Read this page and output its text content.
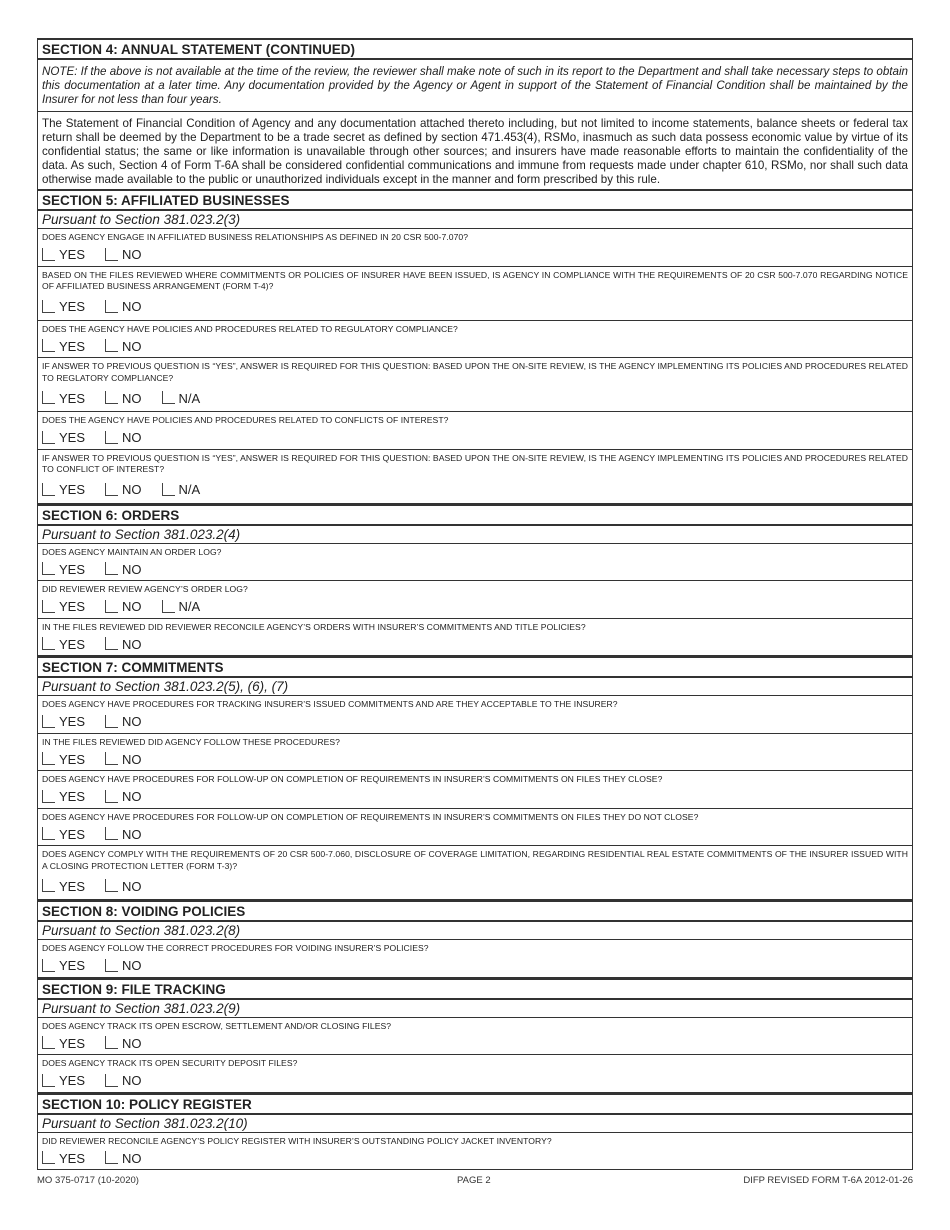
SECTION 4: ANNUAL STATEMENT (CONTINUED)
NOTE: If the above is not available at the time of the review, the reviewer shall make note of such in its report to the Department and shall take necessary steps to obtain this documentation at a later time. Any documentation provided by the Agency or Agent in support of the Statement of Financial Condition shall be maintained by the Insurer for not less than four years.
The Statement of Financial Condition of Agency and any documentation attached thereto including, but not limited to income statements, balance sheets or federal tax return shall be deemed by the Department to be a trade secret as defined by section 471.453(4), RSMo, inasmuch as such data possess economic value by virtue of its confidential status; the same or like information is unavailable through other sources; and insurers have made reasonable efforts to maintain the confidentiality of the data. As such, Section 4 of Form T-6A shall be considered confidential communications and immune from requests made under chapter 610, RSMo, nor shall such data otherwise made available to the public or unauthorized individuals except in the manner and form prescribed by this rule.
SECTION 5: AFFILIATED BUSINESSES
Pursuant to Section 381.023.2(3)
DOES AGENCY ENGAGE IN AFFILIATED BUSINESS RELATIONSHIPS AS DEFINED IN 20 CSR 500-7.070?
YES	NO
BASED ON THE FILES REVIEWED WHERE COMMITMENTS OR POLICIES OF INSURER HAVE BEEN ISSUED, IS AGENCY IN COMPLIANCE WITH THE REQUIREMENTS OF 20 CSR 500-7.070 REGARDING NOTICE OF AFFILIATED BUSINESS ARRANGEMENT (FORM T-4)?
YES	NO
DOES THE AGENCY HAVE POLICIES AND PROCEDURES RELATED TO REGULATORY COMPLIANCE?
YES	NO
IF ANSWER TO PREVIOUS QUESTION IS “YES”, ANSWER IS REQUIRED FOR THIS QUESTION: BASED UPON THE ON-SITE REVIEW, IS THE AGENCY IMPLEMENTING ITS POLICIES AND PROCEDURES RELATED TO REGLATORY COMPLIANCE?
YES	NO	N/A
DOES THE AGENCY HAVE POLICIES AND PROCEDURES RELATED TO CONFLICTS OF INTEREST?
YES	NO
IF ANSWER TO PREVIOUS QUESTION IS “YES”, ANSWER IS REQUIRED FOR THIS QUESTION: BASED UPON THE ON-SITE REVIEW, IS THE AGENCY IMPLEMENTING ITS POLICIES AND PROCEDURES RELATED TO CONFLICT OF INTEREST?
YES	NO	N/A
SECTION 6: ORDERS
Pursuant to Section 381.023.2(4)
DOES AGENCY MAINTAIN AN ORDER LOG?
YES	NO
DID REVIEWER REVIEW AGENCY’S ORDER LOG?
YES	NO	N/A
IN THE FILES REVIEWED DID REVIEWER RECONCILE AGENCY’S ORDERS WITH INSURER’S COMMITMENTS AND TITLE POLICIES?
YES	NO
SECTION 7: COMMITMENTS
Pursuant to Section 381.023.2(5), (6), (7)
DOES AGENCY HAVE PROCEDURES FOR TRACKING INSURER’S ISSUED COMMITMENTS AND ARE THEY ACCEPTABLE TO THE INSURER?
YES	NO
IN THE FILES REVIEWED DID AGENCY FOLLOW THESE PROCEDURES?
YES	NO
DOES AGENCY HAVE PROCEDURES FOR FOLLOW-UP ON COMPLETION OF REQUIREMENTS IN INSURER’S COMMITMENTS ON FILES THEY CLOSE?
YES	NO
DOES AGENCY HAVE PROCEDURES FOR FOLLOW-UP ON COMPLETION OF REQUIREMENTS IN INSURER’S COMMITMENTS ON FILES THEY DO NOT CLOSE?
YES	NO
DOES AGENCY COMPLY WITH THE REQUIREMENTS OF 20 CSR 500-7.060, DISCLOSURE OF COVERAGE LIMITATION, REGARDING RESIDENTIAL REAL ESTATE COMMITMENTS OF THE INSURER ISSUED WITH A CLOSING PROTECTION LETTER (FORM T-3)?
YES	NO
SECTION 8: VOIDING POLICIES
Pursuant to Section 381.023.2(8)
DOES AGENCY FOLLOW THE CORRECT PROCEDURES FOR VOIDING INSURER’S POLICIES?
YES	NO
SECTION 9: FILE TRACKING
Pursuant to Section 381.023.2(9)
DOES AGENCY TRACK ITS OPEN ESCROW, SETTLEMENT AND/OR CLOSING FILES?
YES	NO
DOES AGENCY TRACK ITS OPEN SECURITY DEPOSIT FILES?
YES	NO
SECTION 10: POLICY REGISTER
Pursuant to Section 381.023.2(10)
DID REVIEWER RECONCILE AGENCY’S POLICY REGISTER WITH INSURER’S OUTSTANDING POLICY JACKET INVENTORY?
YES	NO
MO 375-0717 (10-2020)	PAGE 2	DIFP REVISED FORM T-6A 2012-01-26
